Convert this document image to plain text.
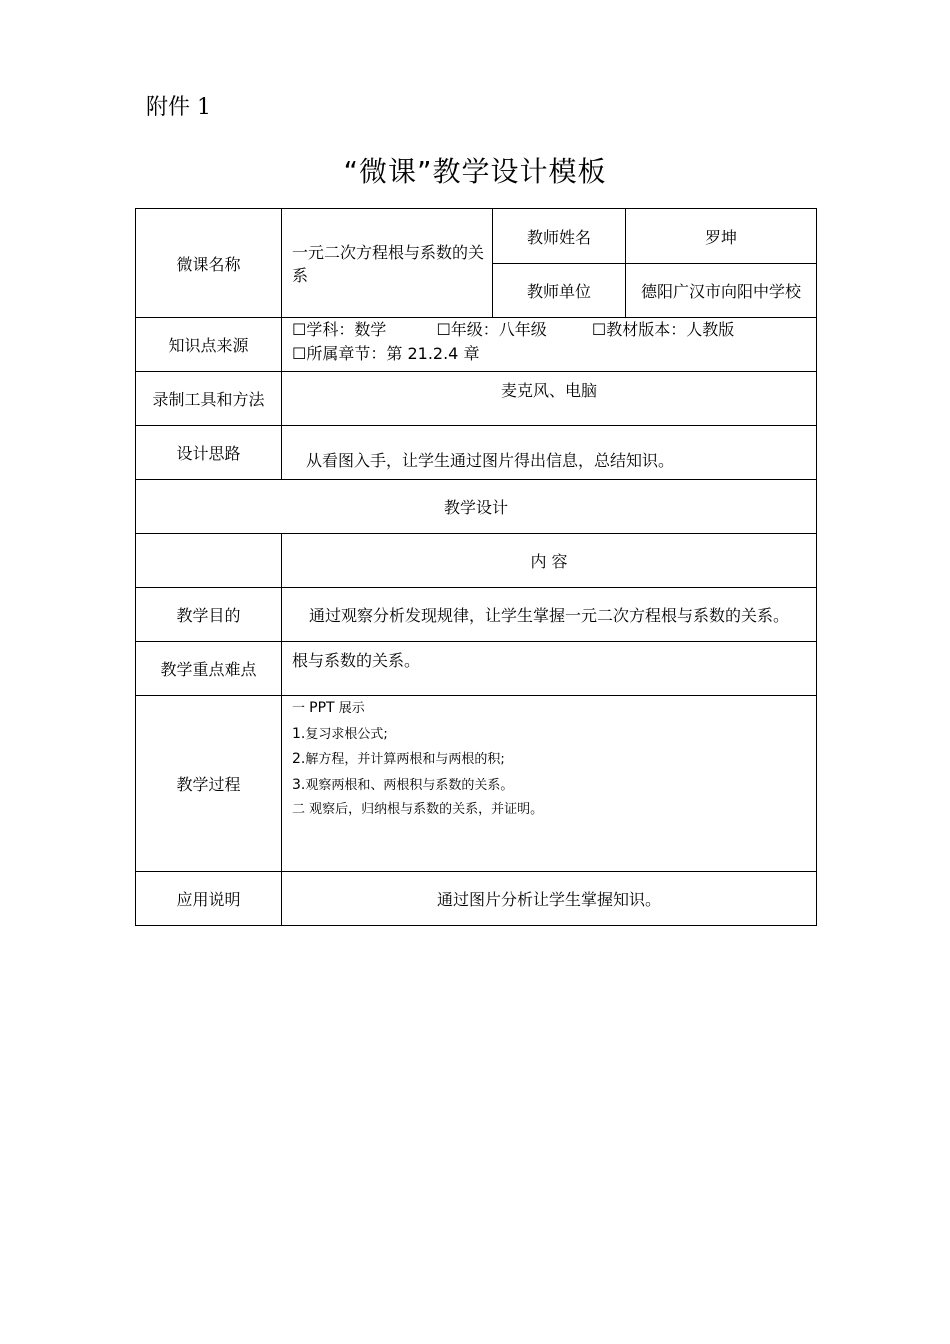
附件 1
“微课”教学设计模板
微课名称	一元二次方程根与系数的关系	教师姓名	罗坤
		教师单位	德阳广汉市向阳中学校
知识点来源	☐学科：数学 ☐年级：八年级 ☐教材版本：人教版
☐所属章节：第 21.2.4 章		

录制工具和方法	麦克风、电脑		
设计思路	从看图入手，让学生通过图片得出信息，总结知识。		
教学设计			
	内 容		
教学目的	通过观察分析发现规律，让学生掌握一元二次方程根与系数的关系。		
教学重点难点	根与系数的关系。		
教学过程	一 PPT 展示
1.复习求根公式;
2.解方程，并计算两根和与两根的积;
3.观察两根和、两根积与系数的关系。
二 观察后，归纳根与系数的关系，并证明。		

应用说明	通过图片分析让学生掌握知识。		
